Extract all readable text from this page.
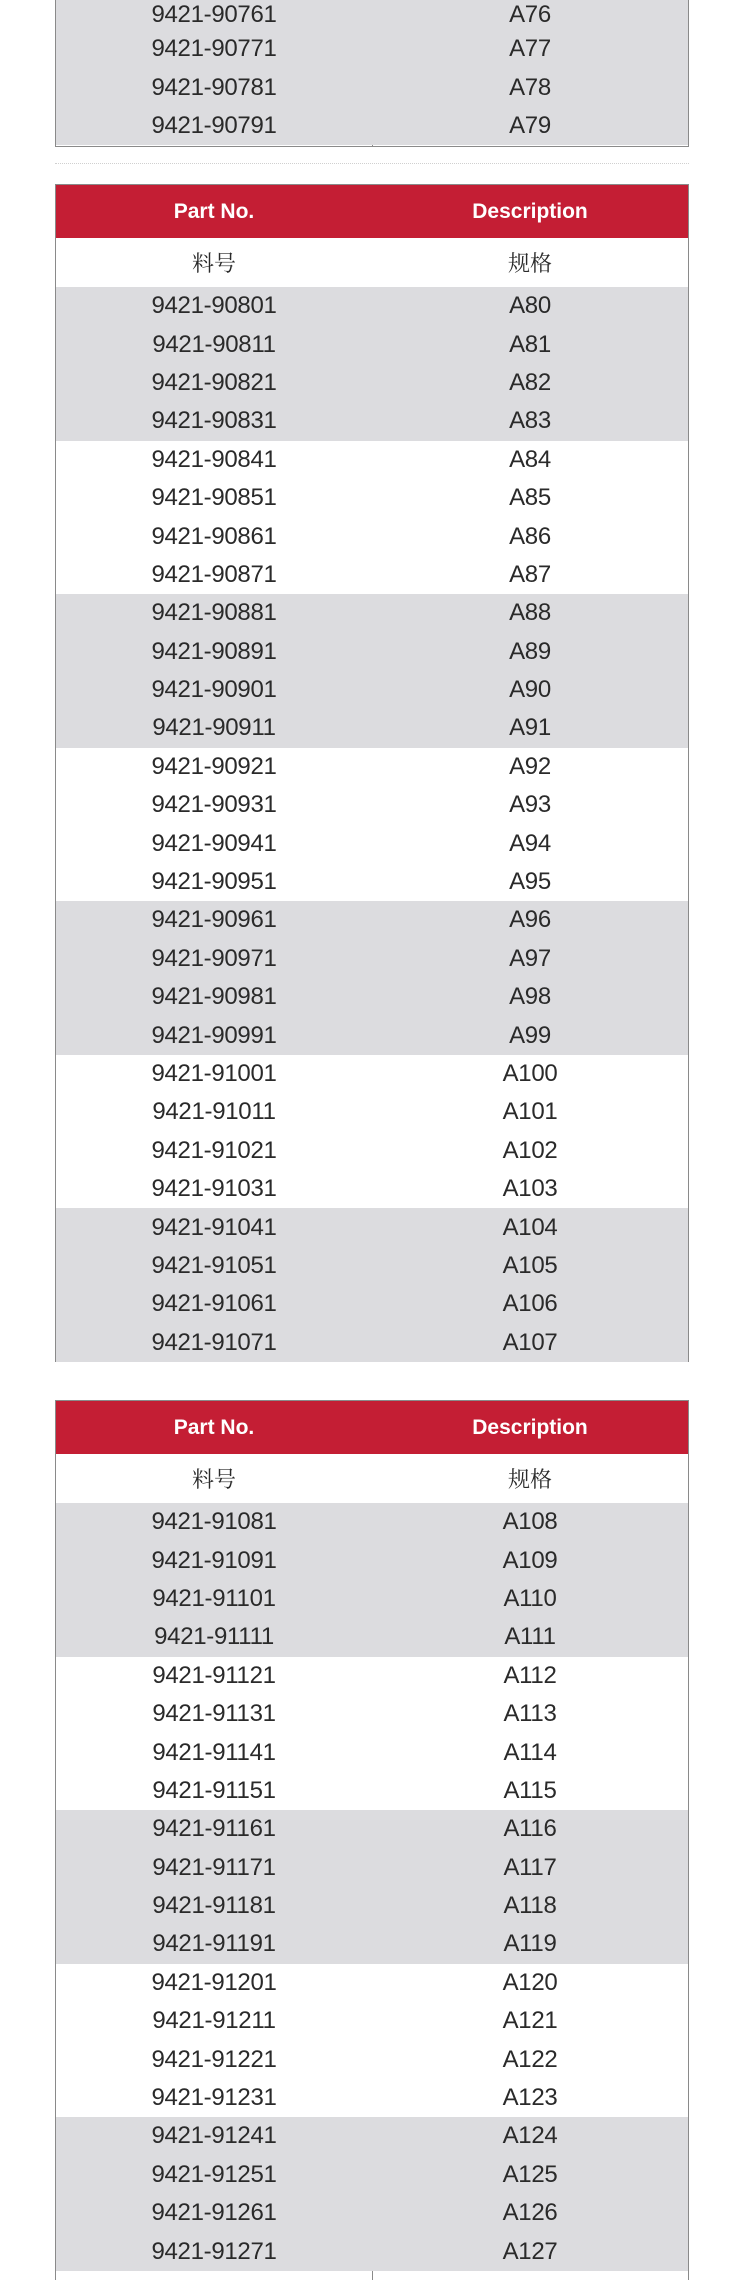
9421-90761	A76
9421-90771	A77
9421-90781	A78
9421-90791	A79
Part No.	Description
料号	规格
9421-90801	A80
9421-90811	A81
9421-90821	A82
9421-90831	A83
9421-90841	A84
9421-90851	A85
9421-90861	A86
9421-90871	A87
9421-90881	A88
9421-90891	A89
9421-90901	A90
9421-90911	A91
9421-90921	A92
9421-90931	A93
9421-90941	A94
9421-90951	A95
9421-90961	A96
9421-90971	A97
9421-90981	A98
9421-90991	A99
9421-91001	A100
9421-91011	A101
9421-91021	A102
9421-91031	A103
9421-91041	A104
9421-91051	A105
9421-91061	A106
9421-91071	A107
Part No.	Description
料号	规格
9421-91081	A108
9421-91091	A109
9421-91101	A110
9421-91111	A111
9421-91121	A112
9421-91131	A113
9421-91141	A114
9421-91151	A115
9421-91161	A116
9421-91171	A117
9421-91181	A118
9421-91191	A119
9421-91201	A120
9421-91211	A121
9421-91221	A122
9421-91231	A123
9421-91241	A124
9421-91251	A125
9421-91261	A126
9421-91271	A127
